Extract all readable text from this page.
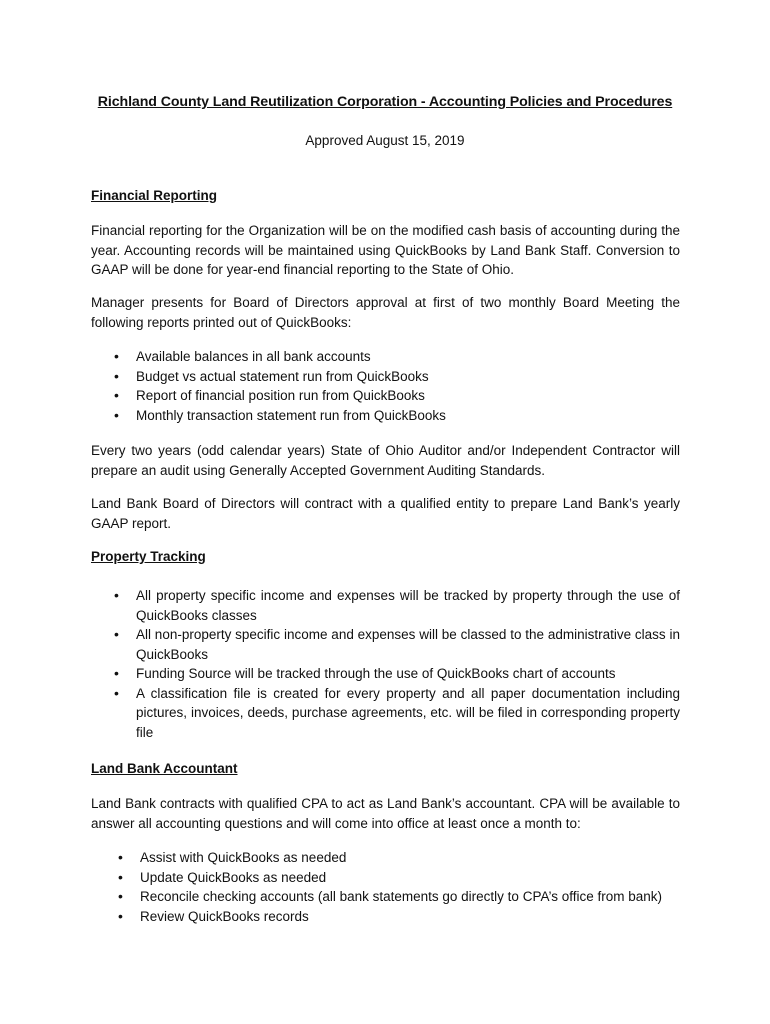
Richland County Land Reutilization Corporation - Accounting Policies and Procedures
Approved August 15, 2019
Financial Reporting
Financial reporting for the Organization will be on the modified cash basis of accounting during the year. Accounting records will be maintained using QuickBooks by Land Bank Staff. Conversion to GAAP will be done for year-end financial reporting to the State of Ohio.
Manager presents for Board of Directors approval at first of two monthly Board Meeting the following reports printed out of QuickBooks:
• Available balances in all bank accounts
• Budget vs actual statement run from QuickBooks
• Report of financial position run from QuickBooks
• Monthly transaction statement run from QuickBooks
Every two years (odd calendar years) State of Ohio Auditor and/or Independent Contractor will prepare an audit using Generally Accepted Government Auditing Standards.
Land Bank Board of Directors will contract with a qualified entity to prepare Land Bank’s yearly GAAP report.
Property Tracking
• All property specific income and expenses will be tracked by property through the use of QuickBooks classes
• All non-property specific income and expenses will be classed to the administrative class in QuickBooks
• Funding Source will be tracked through the use of QuickBooks chart of accounts
• A classification file is created for every property and all paper documentation including pictures, invoices, deeds, purchase agreements, etc. will be filed in corresponding property file
Land Bank Accountant
Land Bank contracts with qualified CPA to act as Land Bank’s accountant. CPA will be available to answer all accounting questions and will come into office at least once a month to:
• Assist with QuickBooks as needed
• Update QuickBooks as needed
• Reconcile checking accounts (all bank statements go directly to CPA’s office from bank)
• Review QuickBooks records
